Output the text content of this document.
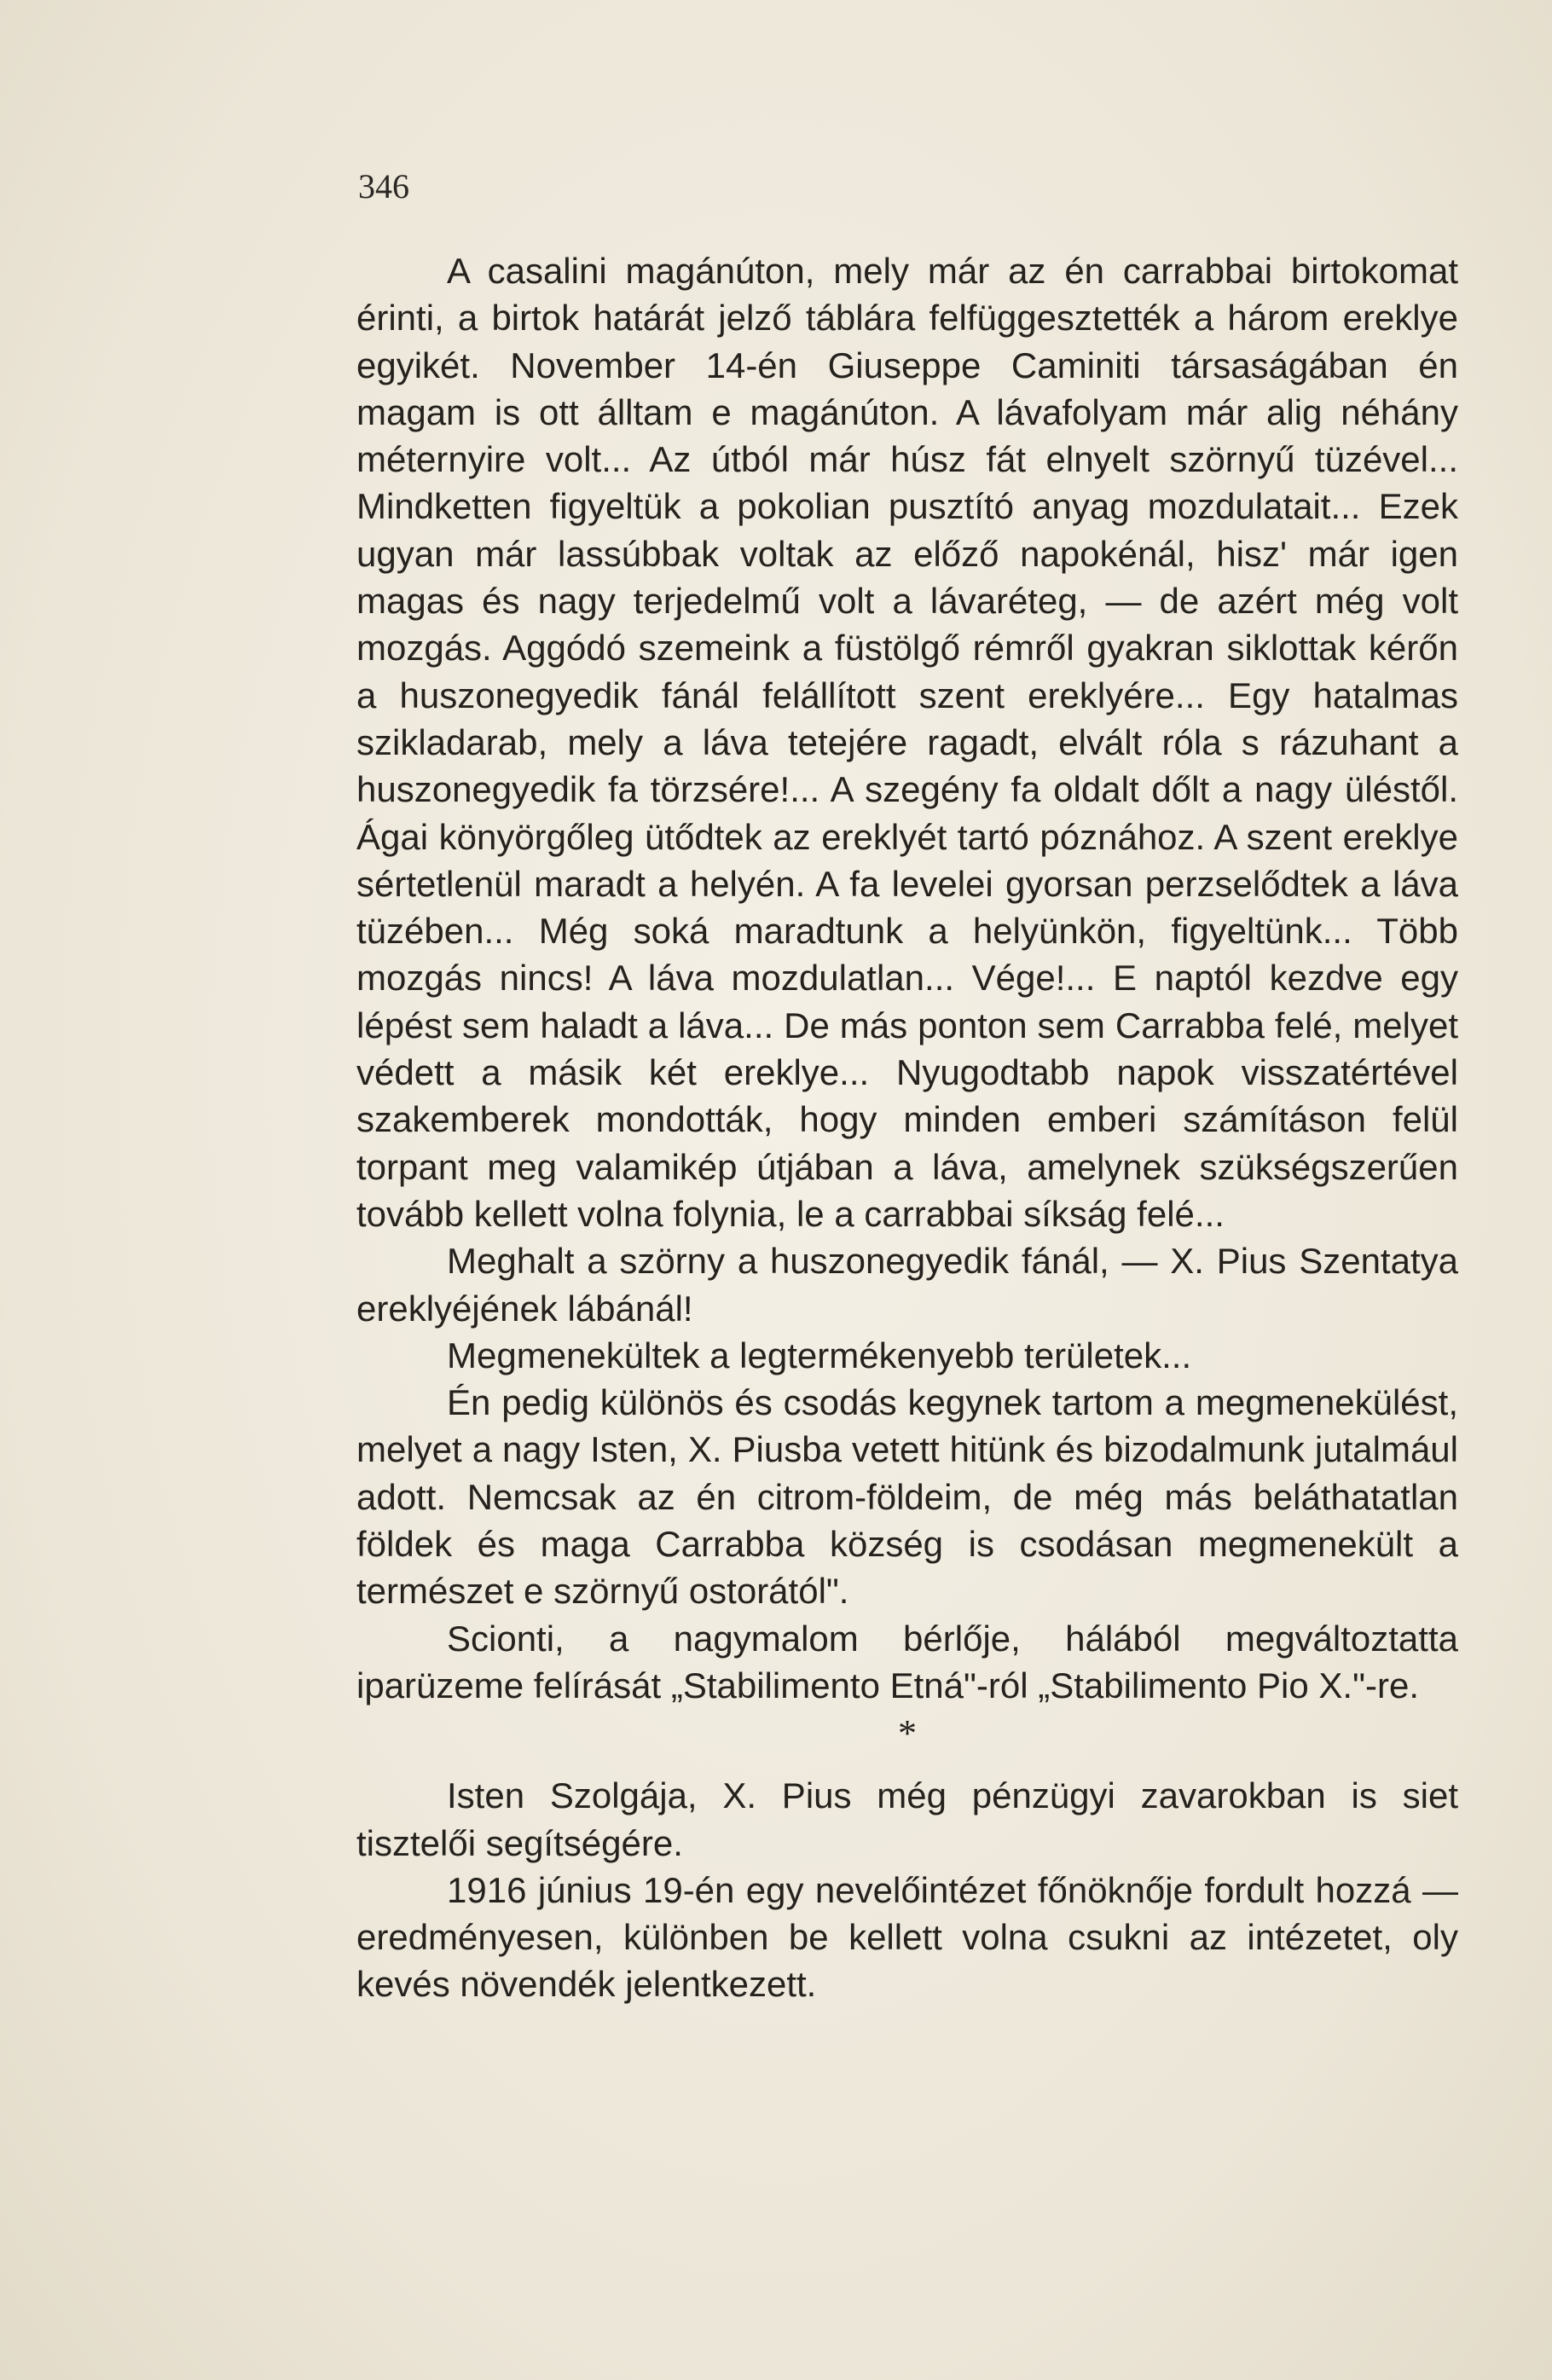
346

A casalini magánúton, mely már az én carrabbai birtokomat érinti, a birtok határát jelző táblára felfüggesztették a három ereklye egyikét. November 14-én Giuseppe Caminiti társaságában én magam is ott álltam e magánúton. A lávafolyam már alig néhány méternyire volt... Az útból már húsz fát elnyelt szörnyű tüzével... Mindketten figyeltük a pokolian pusztító anyag mozdulatait... Ezek ugyan már lassúbbak voltak az előző napokénál, hisz' már igen magas és nagy terjedelmű volt a lávaréteg, — de azért még volt mozgás. Aggódó szemeink a füstölgő rémről gyakran siklottak kérőn a huszonegyedik fánál felállított szent ereklyére... Egy hatalmas szikladarab, mely a láva tetejére ragadt, elvált róla s rázuhant a huszonegyedik fa törzsére!... A szegény fa oldalt dőlt a nagy üléstől. Ágai könyörgőleg ütődtek az ereklyét tartó póznához. A szent ereklye sértetlenül maradt a helyén. A fa levelei gyorsan perzselődtek a láva tüzében... Még soká maradtunk a helyünkön, figyeltünk... Több mozgás nincs! A láva mozdulatlan... Vége!... E naptól kezdve egy lépést sem haladt a láva... De más ponton sem Carrabba felé, melyet védett a másik két ereklye... Nyugodtabb napok visszatértével szakemberek mondották, hogy minden emberi számításon felül torpant meg valamikép útjában a láva, amelynek szükségszerűen tovább kellett volna folynia, le a carrabbai síkság felé...

Meghalt a szörny a huszonegyedik fánál, — X. Pius Szentatya ereklyéjének lábánál!

Megmenekültek a legtermékenyebb területek...

Én pedig különös és csodás kegynek tartom a megmenekülést, melyet a nagy Isten, X. Piusba vetett hitünk és bizodalmunk jutalmául adott. Nemcsak az én citrom-földeim, de még más beláthatatlan földek és maga Carrabba község is csodásan megmenekült a természet e szörnyű ostorától".

Scionti, a nagymalom bérlője, hálából megváltoztatta iparüzeme felírását „Stabilimento Etná"-ról „Stabilimento Pio X."-re.

*

Isten Szolgája, X. Pius még pénzügyi zavarokban is siet tisztelői segítségére.

1916 június 19-én egy nevelőintézet főnöknője fordult hozzá — eredményesen, különben be kellett volna csukni az intézetet, oly kevés növendék jelentkezett.
